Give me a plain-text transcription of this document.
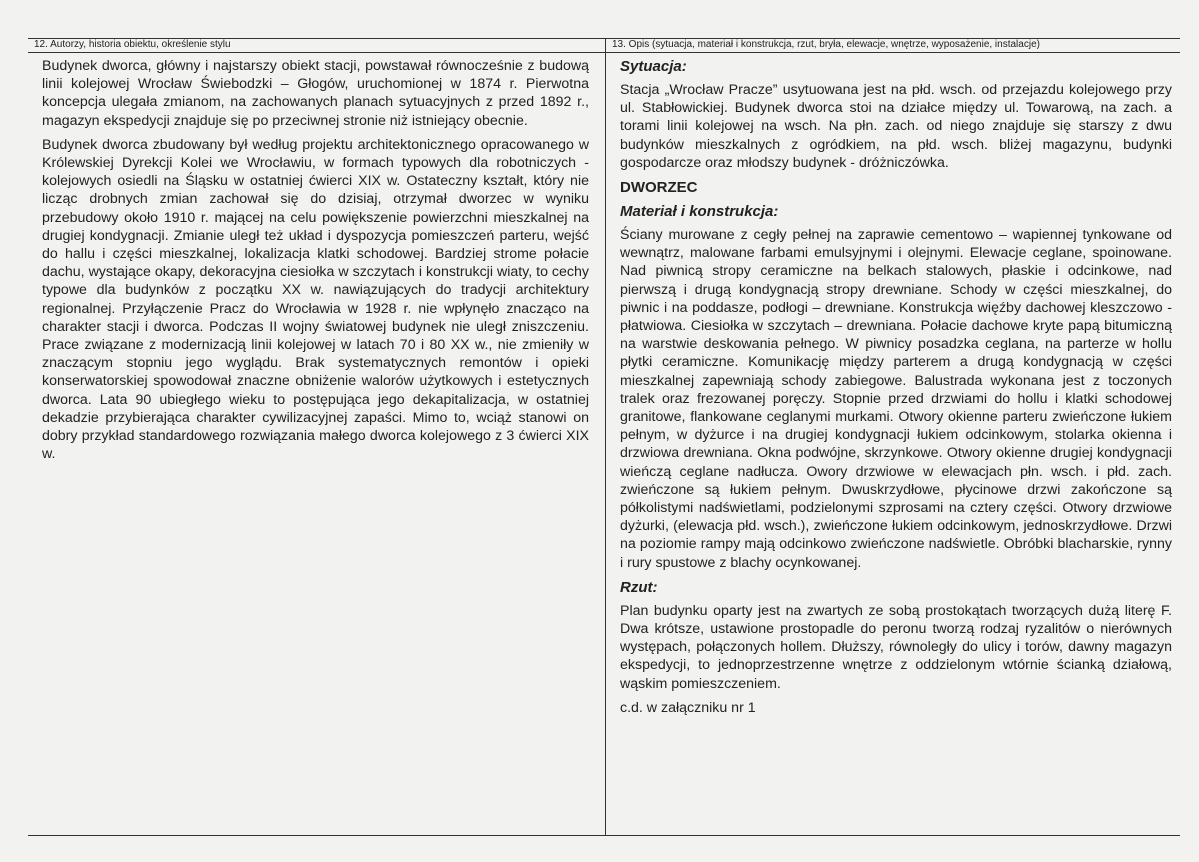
12. Autorzy, historia obiektu, określenie stylu

Budynek dworca, główny i najstarszy obiekt stacji, powstawał równocześnie z budową linii kolejowej Wrocław Świebodzki – Głogów, uruchomionej w 1874 r. Pierwotna koncepcja ulegała zmianom, na zachowanych planach sytuacyjnych z przed 1892 r., magazyn ekspedycji znajduje się po przeciwnej stronie niż istniejący obecnie.

Budynek dworca zbudowany był według projektu architektonicznego opracowanego w Królewskiej Dyrekcji Kolei we Wrocławiu, w formach typowych dla robotniczych - kolejowych osiedli na Śląsku w ostatniej ćwierci XIX w. Ostateczny kształt, który nie licząc drobnych zmian zachował się do dzisiaj, otrzymał dworzec w wyniku przebudowy około 1910 r. mającej na celu powiększenie powierzchni mieszkalnej na drugiej kondygnacji. Zmianie uległ też układ i dyspozycja pomieszczeń parteru, wejść do hallu i części mieszkalnej, lokalizacja klatki schodowej. Bardziej strome połacie dachu, wystające okapy, dekoracyjna ciesiołka w szczytach i konstrukcji wiaty, to cechy typowe dla budynków z początku XX w. nawiązujących do tradycji architektury regionalnej. Przyłączenie Pracz do Wrocławia w 1928 r. nie wpłynęło znacząco na charakter stacji i dworca. Podczas II wojny światowej budynek nie uległ zniszczeniu. Prace związane z modernizacją linii kolejowej w latach 70 i 80 XX w., nie zmieniły w znaczącym stopniu jego wyglądu. Brak systematycznych remontów i opieki konserwatorskiej spowodował znaczne obniżenie walorów użytkowych i estetycznych dworca. Lata 90 ubiegłego wieku to postępująca jego dekapitalizacja, w ostatniej dekadzie przybierająca charakter cywilizacyjnej zapaści. Mimo to, wciąż stanowi on dobry przykład standardowego rozwiązania małego dworca kolejowego z 3 ćwierci XIX w.

13. Opis (sytuacja, materiał i konstrukcja, rzut, bryła, elewacje, wnętrze, wyposażenie, instalacje)
Sytuacja:

Stacja „Wrocław Pracze” usytuowana jest na płd. wsch. od przejazdu kolejowego przy ul. Stabłowickiej. Budynek dworca stoi na działce między ul. Towarową, na zach. a torami linii kolejowej na wsch. Na płn. zach. od niego znajduje się starszy z dwu budynków mieszkalnych z ogródkiem, na płd. wsch. bliżej magazynu, budynki gospodarcze oraz młodszy budynek - dróżniczówka.

DWORZEC
Materiał i konstrukcja:

Ściany murowane z cegły pełnej na zaprawie cementowo – wapiennej tynkowane od wewnątrz, malowane farbami emulsyjnymi i olejnymi. Elewacje ceglane, spoinowane. Nad piwnicą stropy ceramiczne na belkach stalowych, płaskie i odcinkowe, nad pierwszą i drugą kondygnacją stropy drewniane. Schody w części mieszkalnej, do piwnic i na poddasze, podłogi – drewniane. Konstrukcja więźby dachowej kleszczowo - płatwiowa. Ciesiołka w szczytach – drewniana. Połacie dachowe kryte papą bitumiczną na warstwie deskowania pełnego. W piwnicy posadzka ceglana, na parterze w hollu płytki ceramiczne. Komunikację między parterem a drugą kondygnacją w części mieszkalnej zapewniają schody zabiegowe. Balustrada wykonana jest z toczonych tralek oraz frezowanej poręczy. Stopnie przed drzwiami do hollu i klatki schodowej granitowe, flankowane ceglanymi murkami. Otwory okienne parteru zwieńczone łukiem pełnym, w dyżurce i na drugiej kondygnacji łukiem odcinkowym, stolarka okienna i drzwiowa drewniana. Okna podwójne, skrzynkowe. Otwory okienne drugiej kondygnacji wieńczą ceglane nadłucza. Owory drzwiowe w elewacjach płn. wsch. i płd. zach. zwieńczone są łukiem pełnym. Dwuskrzydłowe, płycinowe drzwi zakończone są półkolistymi nadświetlami, podzielonymi szprosami na cztery części. Otwory drzwiowe dyżurki, (elewacja płd. wsch.), zwieńczone łukiem odcinkowym, jednoskrzydłowe. Drzwi na poziomie rampy mają odcinkowo zwieńczone nadświetle. Obróbki blacharskie, rynny i rury spustowe z blachy ocynkowanej.

Rzut:

Plan budynku oparty jest na zwartych ze sobą prostokątach tworzących dużą literę F. Dwa krótsze, ustawione prostopadle do peronu tworzą rodzaj ryzalitów o nierównych występach, połączonych hollem. Dłuższy, równoległy do ulicy i torów, dawny magazyn ekspedycji, to jednoprzestrzenne wnętrze z oddzielonym wtórnie ścianką działową, wąskim pomieszczeniem.

c.d. w załączniku nr 1
